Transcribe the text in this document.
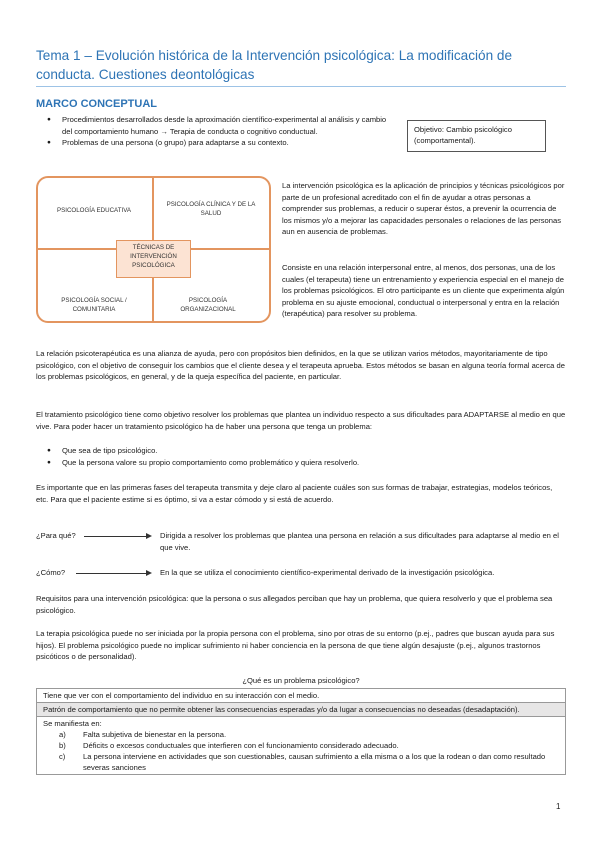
Tema 1 – Evolución histórica de la Intervención psicológica: La modificación de conducta. Cuestiones deontológicas
MARCO CONCEPTUAL
● Procedimientos desarrollados desde la aproximación científico-experimental al análisis y cambio del comportamiento humano → Terapia de conducta o cognitivo conductual.
● Problemas de una persona (o grupo) para adaptarse a su contexto.
Objetivo: Cambio psicológico (comportamental).
PSICOLOGÍA EDUCATIVA
PSICOLOGÍA CLÍNICA Y DE LA SALUD
PSICOLOGÍA SOCIAL / COMUNITARIA
PSICOLOGÍA ORGANIZACIONAL
TÉCNICAS DE INTERVENCIÓN PSICOLÓGICA
La intervención psicológica es la aplicación de principios y técnicas psicológicos por parte de un profesional acreditado con el fin de ayudar a otras personas a comprender sus problemas, a reducir o superar éstos, a prevenir la ocurrencia de los mismos y/o a mejorar las capacidades personales o relaciones de las personas aun en ausencia de problemas.
Consiste en una relación interpersonal entre, al menos, dos personas, una de los cuales (el terapeuta) tiene un entrenamiento y experiencia especial en el manejo de los problemas psicológicos. El otro participante es un cliente que experimenta algún problema en su ajuste emocional, conductual o interpersonal y entra en la relación (terapéutica) para resolver su problema.
La relación psicoterapéutica es una alianza de ayuda, pero con propósitos bien definidos, en la que se utilizan varios métodos, mayoritariamente de tipo psicológico, con el objetivo de conseguir los cambios que el cliente desea y el terapeuta aprueba. Estos métodos se basan en alguna teoría formal acerca de los problemas psicológicos, en general, y de la queja específica del paciente, en particular.
El tratamiento psicológico tiene como objetivo resolver los problemas que plantea un individuo respecto a sus dificultades para ADAPTARSE al medio en que vive. Para poder hacer un tratamiento psicológico ha de haber una persona que tenga un problema:
● Que sea de tipo psicológico.
● Que la persona valore su propio comportamiento como problemático y quiera resolverlo.
Es importante que en las primeras fases del terapeuta transmita y deje claro al paciente cuáles son sus formas de trabajar, estrategias, modelos teóricos, etc. Para que el paciente estime si es óptimo, si va a estar cómodo y si está de acuerdo.
¿Para qué?	Dirigida a resolver los problemas que plantea una persona en relación a sus dificultades para adaptarse al medio en el que vive.
¿Cómo?	En la que se utiliza el conocimiento científico-experimental derivado de la investigación psicológica.
Requisitos para una intervención psicológica: que la persona o sus allegados perciban que hay un problema, que quiera resolverlo y que el problema sea psicológico.
La terapia psicológica puede no ser iniciada por la propia persona con el problema, sino por otras de su entorno (p.ej., padres que buscan ayuda para sus hijos). El problema psicológico puede no implicar sufrimiento ni haber conciencia en la persona de que tiene algún desajuste (p.ej., algunos trastornos psicóticos o de personalidad).
¿Qué es un problema psicológico?
Tiene que ver con el comportamiento del individuo en su interacción con el medio.
Patrón de comportamiento que no permite obtener las consecuencias esperadas y/o da lugar a consecuencias no deseadas (desadaptación).

Se manifiesta en:
a) Falta subjetiva de bienestar en la persona.
b) Déficits o excesos conductuales que interfieren con el funcionamiento considerado adecuado.
c) La persona interviene en actividades que son cuestionables, causan sufrimiento a ella misma o a los que la rodean o dan como resultado severas sanciones
1
